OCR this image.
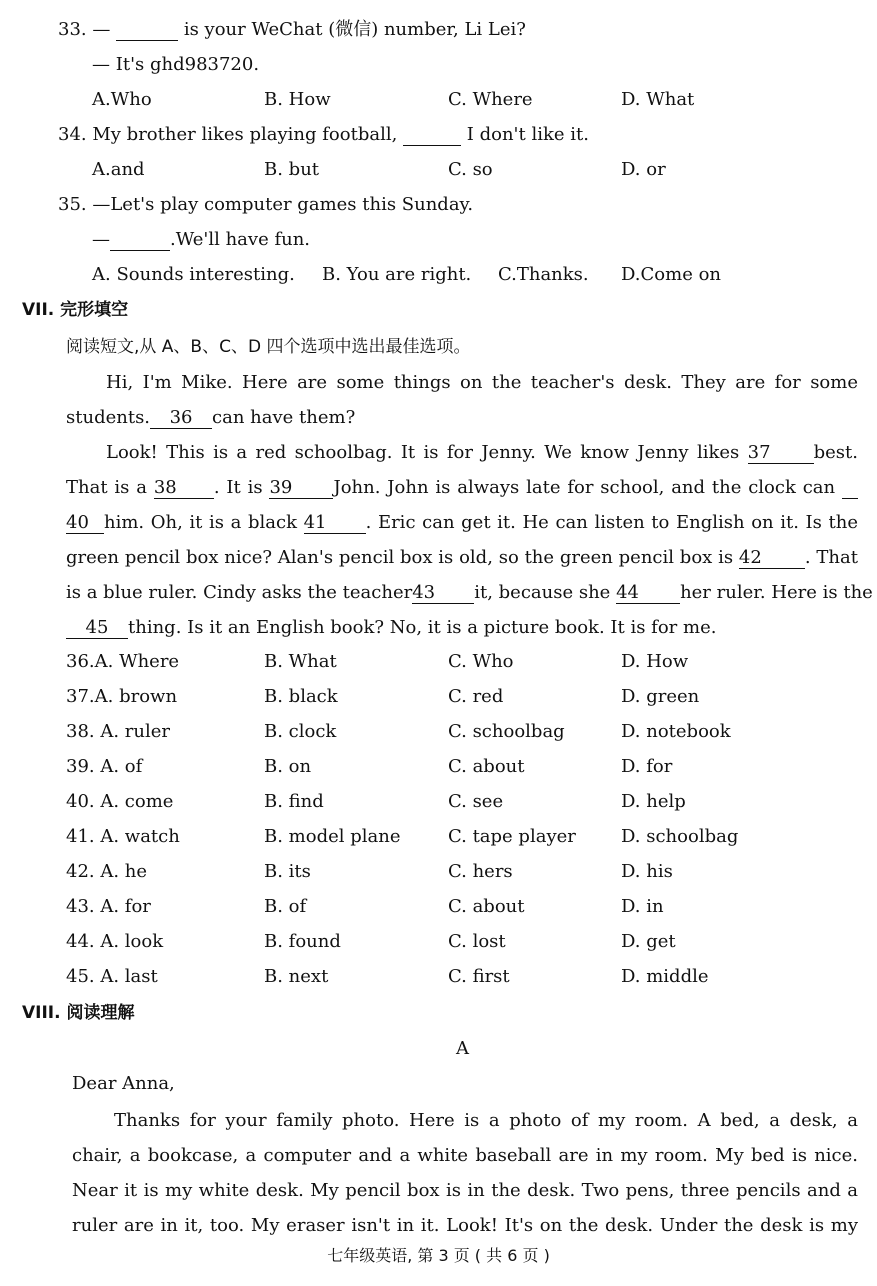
33. —	is your WeChat (微信) number, Li Lei?
— It's ghd983720.
A.Who	B. How	C. Where	D. What
34. My brother likes playing football,	I don't like it.
A.and	B. but	C. so	D. or
35. —Let's play computer games this Sunday.
—	.We'll have fun.
A. Sounds interesting. B. You are right. C.Thanks. D.Come on
VII. 完形填空
阅读短文,从 A、B、C、D 四个选项中选出最佳选项。
Hi, I'm Mike. Here are some things on the teacher's desk. They are for some
students. 36 can have them?
Look! This is a red schoolbag. It is for Jenny. We know Jenny likes 37 best.
That is a 38 . It is 39 John. John is always late for school, and the clock can
40 him. Oh, it is a black 41 . Eric can get it. He can listen to English on it. Is the
green pencil box nice? Alan's pencil box is old, so the green pencil box is 42 . That
is a blue ruler. Cindy asks the teacher43 it, because she 44 her ruler. Here is the
45 thing. Is it an English book? No, it is a picture book. It is for me.
36.A. Where	B. What	C. Who	D. How
37.A. brown	B. black	C. red	D. green
38. A. ruler	B. clock	C. schoolbag	D. notebook
39. A. of	B. on	C. about	D. for
40. A. come	B. find	C. see	D. help
41. A. watch	B. model plane	C. tape player	D. schoolbag
42. A. he	B. its	C. hers	D. his
43. A. for	B. of	C. about	D. in
44. A. look	B. found	C. lost	D. get
45. A. last	B. next	C. first	D. middle
VIII. 阅读理解
A
Dear Anna,
Thanks for your family photo. Here is a photo of my room. A bed, a desk, a
chair, a bookcase, a computer and a white baseball are in my room. My bed is nice.
Near it is my white desk. My pencil box is in the desk. Two pens, three pencils and a
ruler are in it, too. My eraser isn't in it. Look! It's on the desk. Under the desk is my
七年级英语, 第 3 页 ( 共 6 页 )
